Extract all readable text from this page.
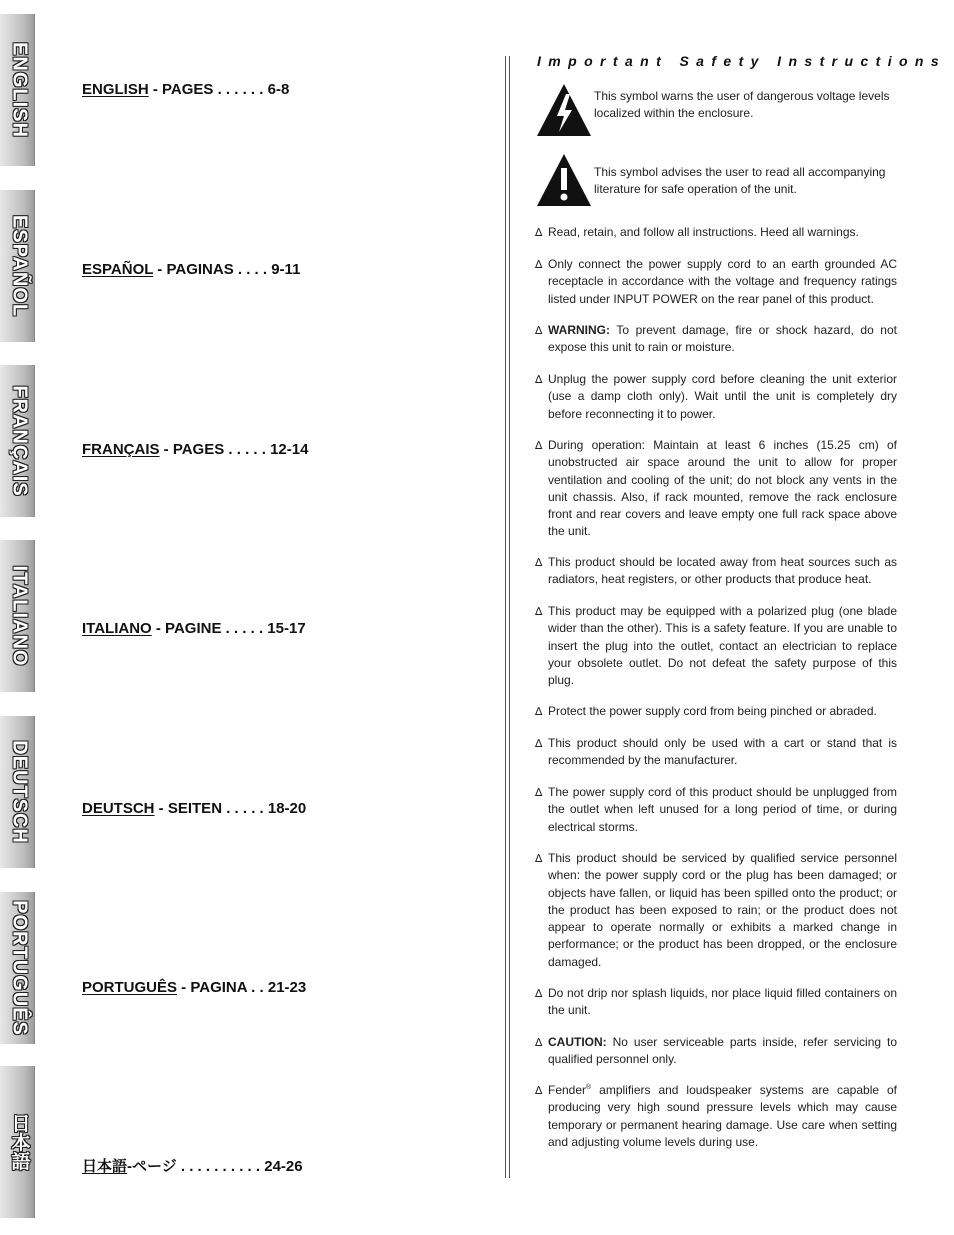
ENGLISH
ESPAÑOL
FRANÇAIS
ITALIANO
DEUTSCH
PORTUGUÊS
日本語
ENGLISH - PAGES . . . . . . 6-8
ESPAÑOL - PAGINAS . . . . 9-11
FRANÇAIS - PAGES . . . . . 12-14
ITALIANO - PAGINE . . . . . 15-17
DEUTSCH - SEITEN . . . . . 18-20
PORTUGUÊS - PAGINA . . 21-23
日本語-ページ . . . . . . . . . . 24-26
Important Safety Instructions
This symbol warns the user of dangerous voltage levels localized within the enclosure.
This symbol advises the user to read all accompanying literature for safe operation of the unit.
∆ Read, retain, and follow all instructions. Heed all warnings.
∆ Only connect the power supply cord to an earth grounded AC receptacle in accordance with the voltage and frequency ratings listed under INPUT POWER on the rear panel of this product.
∆ WARNING: To prevent damage, fire or shock hazard, do not expose this unit to rain or moisture.
∆ Unplug the power supply cord before cleaning the unit exterior (use a damp cloth only). Wait until the unit is completely dry before reconnecting it to power.
∆ During operation: Maintain at least 6 inches (15.25 cm) of unobstructed air space around the unit to allow for proper ventilation and cooling of the unit; do not block any vents in the unit chassis. Also, if rack mounted, remove the rack enclosure front and rear covers and leave empty one full rack space above the unit.
∆ This product should be located away from heat sources such as radiators, heat registers, or other products that produce heat.
∆ This product may be equipped with a polarized plug (one blade wider than the other). This is a safety feature. If you are unable to insert the plug into the outlet, contact an electrician to replace your obsolete outlet. Do not defeat the safety purpose of this plug.
∆ Protect the power supply cord from being pinched or abraded.
∆ This product should only be used with a cart or stand that is recommended by the manufacturer.
∆ The power supply cord of this product should be unplugged from the outlet when left unused for a long period of time, or during electrical storms.
∆ This product should be serviced by qualified service personnel when: the power supply cord or the plug has been damaged; or objects have fallen, or liquid has been spilled onto the product; or the product has been exposed to rain; or the product does not appear to operate normally or exhibits a marked change in performance; or the product has been dropped, or the enclosure damaged.
∆ Do not drip nor splash liquids, nor place liquid filled containers on the unit.
∆ CAUTION: No user serviceable parts inside, refer servicing to qualified personnel only.
∆ Fender® amplifiers and loudspeaker systems are capable of producing very high sound pressure levels which may cause temporary or permanent hearing damage. Use care when setting and adjusting volume levels during use.
